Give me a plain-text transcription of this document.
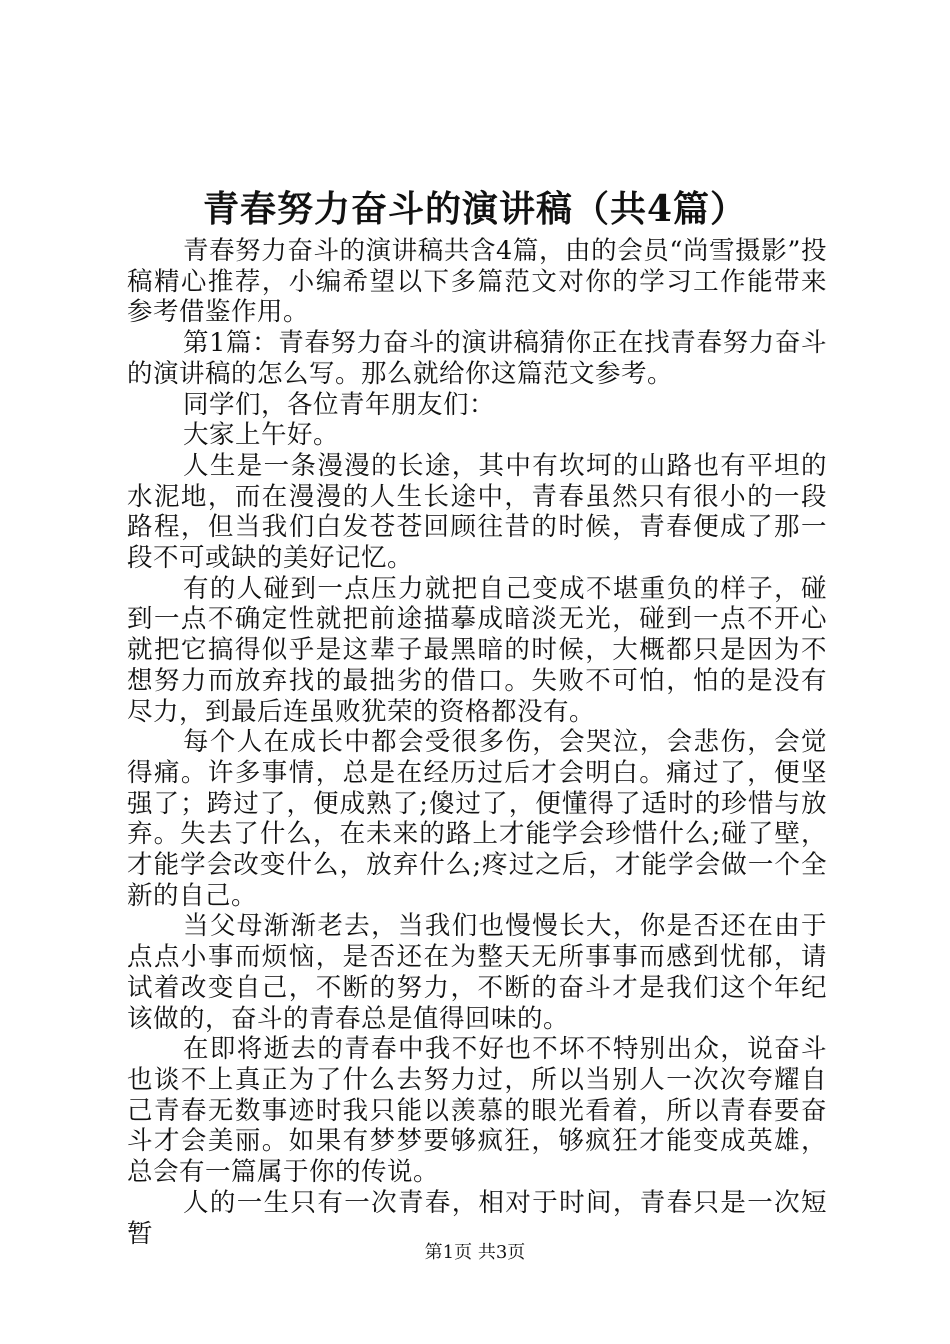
青春努力奋斗的演讲稿（共4篇）

青春努力奋斗的演讲稿共含4篇，由的会员“尚雪摄影”投稿精心推荐，小编希望以下多篇范文对你的学习工作能带来参考借鉴作用。

第1篇：青春努力奋斗的演讲稿猜你正在找青春努力奋斗的演讲稿的怎么写。那么就给你这篇范文参考。

同学们，各位青年朋友们：

大家上午好。

人生是一条漫漫的长途，其中有坎坷的山路也有平坦的水泥地，而在漫漫的人生长途中，青春虽然只有很小的一段路程，但当我们白发苍苍回顾往昔的时候，青春便成了那一段不可或缺的美好记忆。

有的人碰到一点压力就把自己变成不堪重负的样子，碰到一点不确定性就把前途描摹成暗淡无光，碰到一点不开心就把它搞得似乎是这辈子最黑暗的时候，大概都只是因为不想努力而放弃找的最拙劣的借口。失败不可怕，怕的是没有尽力，到最后连虽败犹荣的资格都没有。

每个人在成长中都会受很多伤，会哭泣，会悲伤，会觉得痛。许多事情，总是在经历过后才会明白。痛过了，便坚强了；跨过了，便成熟了;傻过了，便懂得了适时的珍惜与放弃。失去了什么，在未来的路上才能学会珍惜什么;碰了壁，才能学会改变什么，放弃什么;疼过之后，才能学会做一个全新的自己。

当父母渐渐老去，当我们也慢慢长大，你是否还在由于点点小事而烦恼，是否还在为整天无所事事而感到忧郁，请试着改变自己，不断的努力，不断的奋斗才是我们这个年纪该做的，奋斗的青春总是值得回味的。

在即将逝去的青春中我不好也不坏不特别出众，说奋斗也谈不上真正为了什么去努力过，所以当别人一次次夸耀自己青春无数事迹时我只能以羡慕的眼光看着，所以青春要奋斗才会美丽。如果有梦梦要够疯狂，够疯狂才能变成英雄，总会有一篇属于你的传说。

人的一生只有一次青春，相对于时间，青春只是一次短暂

第1页 共3页
